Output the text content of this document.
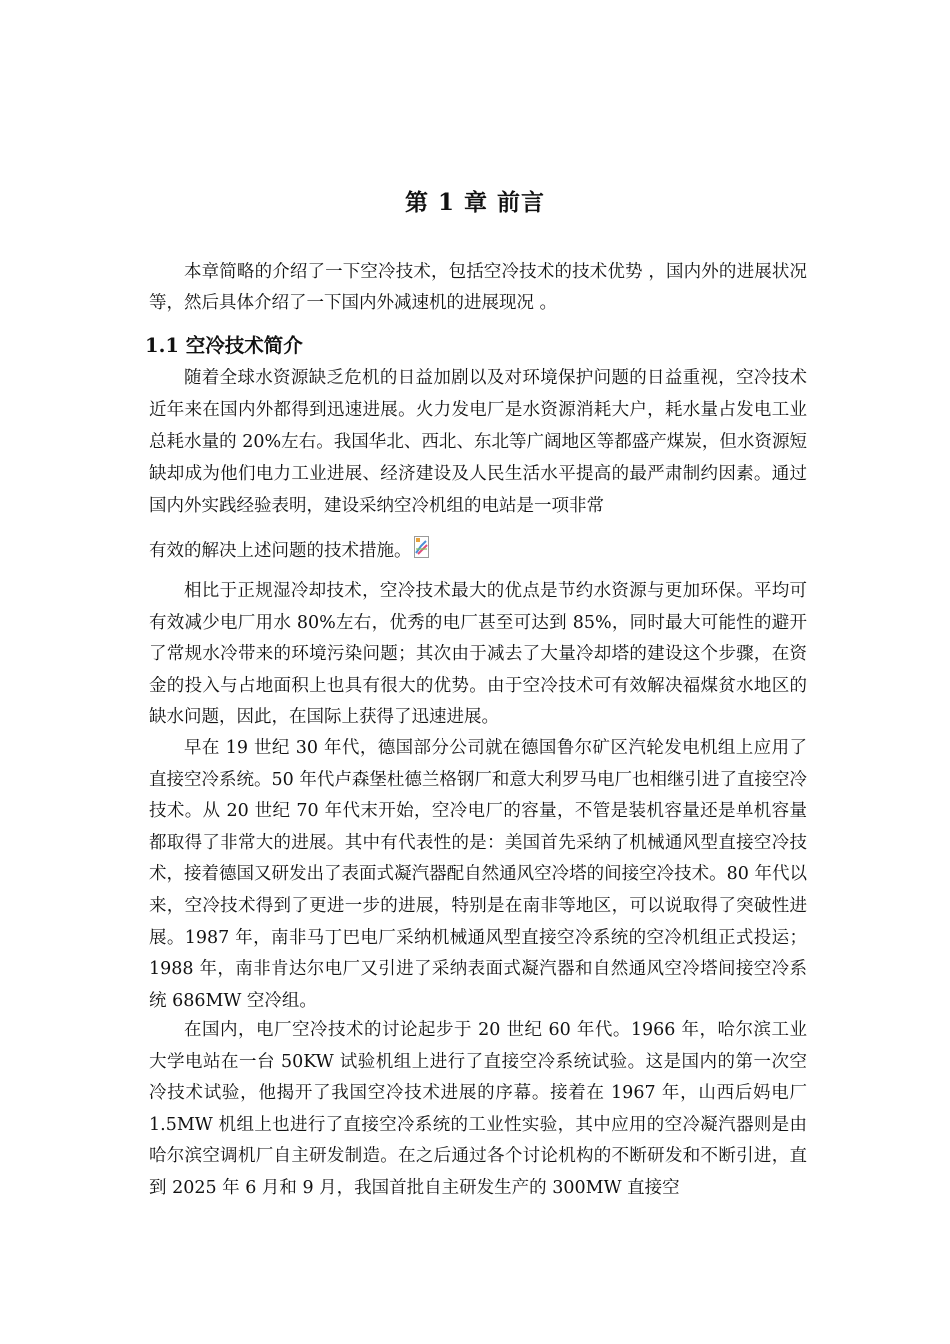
第 1 章 前言

本章简略的介绍了一下空冷技术，包括空冷技术的技术优势 ，国内外的进展状况等，然后具体介绍了一下国内外减速机的进展现况 。

1.1 空冷技术简介

随着全球水资源缺乏危机的日益加剧以及对环境保护问题的日益重视，空冷技术近年来在国内外都得到迅速进展。火力发电厂是水资源消耗大户，耗水量占发电工业总耗水量的 20%左右。我国华北、西北、东北等广阔地区等都盛产煤炭，但水资源短缺却成为他们电力工业进展、经济建设及人民生活水平提高的最严肃制约因素。通过国内外实践经验表明，建设采纳空冷机组的电站是一项非常

有效的解决上述问题的技术措施。

相比于正规湿冷却技术，空冷技术最大的优点是节约水资源与更加环保。平均可有效减少电厂用水 80%左右，优秀的电厂甚至可达到 85%，同时最大可能性的避开了常规水冷带来的环境污染问题；其次由于减去了大量冷却塔的建设这个步骤，在资金的投入与占地面积上也具有很大的优势。由于空冷技术可有效解决福煤贫水地区的缺水问题，因此，在国际上获得了迅速进展。

早在 19 世纪 30 年代，德国部分公司就在德国鲁尔矿区汽轮发电机组上应用了直接空冷系统。50 年代卢森堡杜德兰格钢厂和意大利罗马电厂也相继引进了直接空冷技术。从 20 世纪 70 年代末开始，空冷电厂的容量，不管是装机容量还是单机容量都取得了非常大的进展。其中有代表性的是：美国首先采纳了机械通风型直接空冷技术，接着德国又研发出了表面式凝汽器配自然通风空冷塔的间接空冷技术。80 年代以来，空冷技术得到了更进一步的进展，特别是在南非等地区，可以说取得了突破性进展。1987 年，南非马丁巴电厂采纳机械通风型直接空冷系统的空冷机组正式投运；1988 年，南非肯达尔电厂又引进了采纳表面式凝汽器和自然通风空冷塔间接空冷系统 686MW 空冷组。

在国内，电厂空冷技术的讨论起步于 20 世纪 60 年代。1966 年，哈尔滨工业大学电站在一台 50KW 试验机组上进行了直接空冷系统试验。这是国内的第一次空冷技术试验，他揭开了我国空冷技术进展的序幕。接着在 1967 年，山西后妈电厂 1.5MW 机组上也进行了直接空冷系统的工业性实验，其中应用的空冷凝汽器则是由哈尔滨空调机厂自主研发制造。在之后通过各个讨论机构的不断研发和不断引进，直到 2025 年 6 月和 9 月，我国首批自主研发生产的 300MW 直接空
